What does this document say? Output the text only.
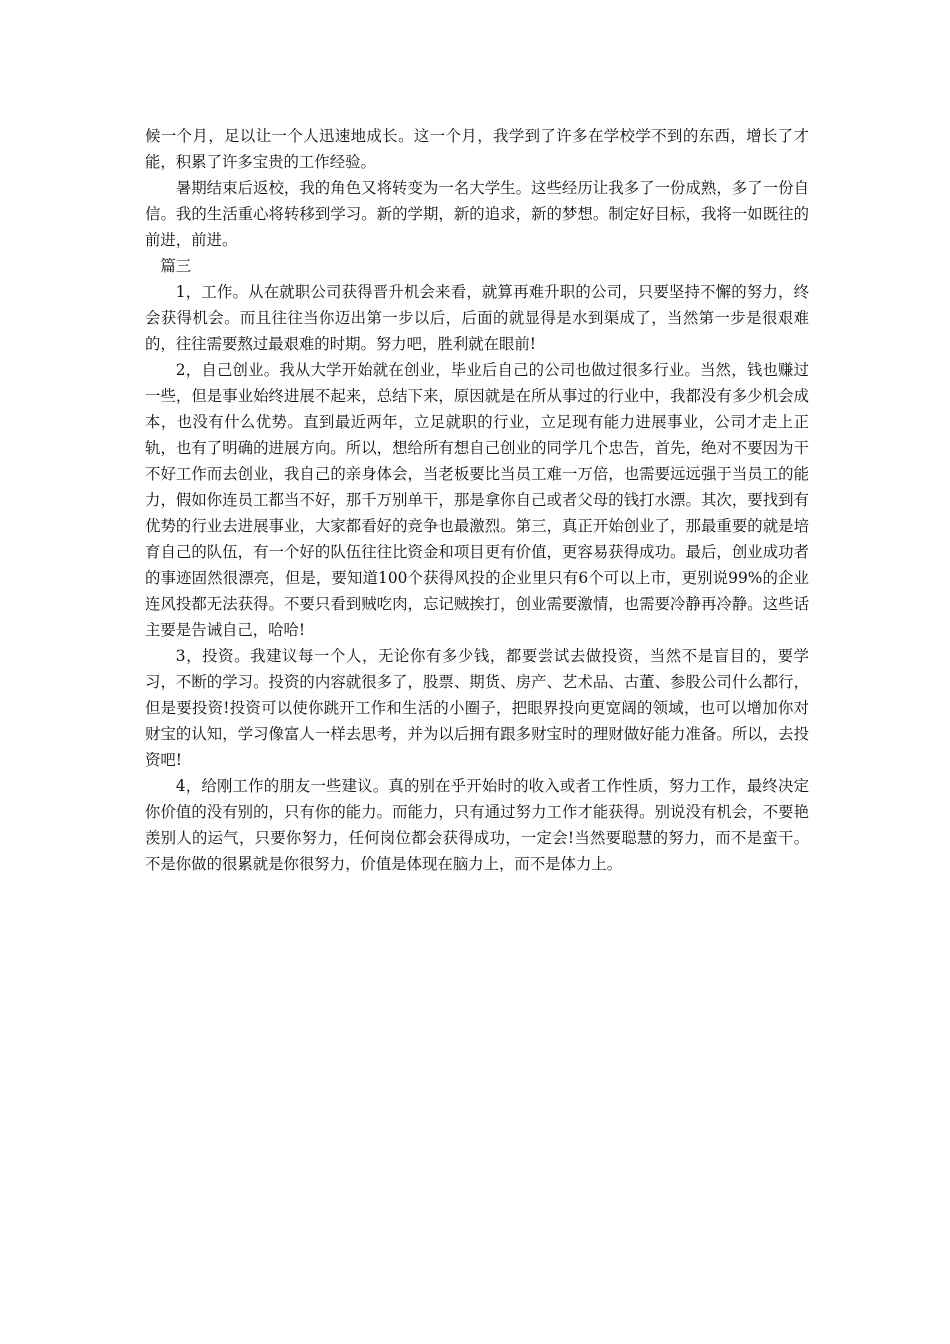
候一个月，足以让一个人迅速地成长。这一个月，我学到了许多在学校学不到的东西，增长了才能，积累了许多宝贵的工作经验。

暑期结束后返校，我的角色又将转变为一名大学生。这些经历让我多了一份成熟，多了一份自信。我的生活重心将转移到学习。新的学期，新的追求，新的梦想。制定好目标，我将一如既往的前进，前进。

篇三

1，工作。从在就职公司获得晋升机会来看，就算再难升职的公司，只要坚持不懈的努力，终会获得机会。而且往往当你迈出第一步以后，后面的就显得是水到渠成了，当然第一步是很艰难的，往往需要熬过最艰难的时期。努力吧，胜利就在眼前!

2，自己创业。我从大学开始就在创业，毕业后自己的公司也做过很多行业。当然，钱也赚过一些，但是事业始终进展不起来，总结下来，原因就是在所从事过的行业中，我都没有多少机会成本，也没有什么优势。直到最近两年，立足就职的行业，立足现有能力进展事业，公司才走上正轨，也有了明确的进展方向。所以，想给所有想自己创业的同学几个忠告，首先，绝对不要因为干不好工作而去创业，我自己的亲身体会，当老板要比当员工难一万倍，也需要远远强于当员工的能力，假如你连员工都当不好，那千万别单干，那是拿你自己或者父母的钱打水漂。其次，要找到有优势的行业去进展事业，大家都看好的竞争也最激烈。第三，真正开始创业了，那最重要的就是培育自己的队伍，有一个好的队伍往往比资金和项目更有价值，更容易获得成功。最后，创业成功者的事迹固然很漂亮，但是，要知道100个获得风投的企业里只有6个可以上市，更别说99%的企业连风投都无法获得。不要只看到贼吃肉，忘记贼挨打，创业需要激情，也需要冷静再冷静。这些话主要是告诫自己，哈哈!

3，投资。我建议每一个人，无论你有多少钱，都要尝试去做投资，当然不是盲目的，要学习，不断的学习。投资的内容就很多了，股票、期货、房产、艺术品、古董、参股公司什么都行，但是要投资!投资可以使你跳开工作和生活的小圈子，把眼界投向更宽阔的领域，也可以增加你对财宝的认知，学习像富人一样去思考，并为以后拥有跟多财宝时的理财做好能力准备。所以，去投资吧!

4，给刚工作的朋友一些建议。真的别在乎开始时的收入或者工作性质，努力工作，最终决定你价值的没有别的，只有你的能力。而能力，只有通过努力工作才能获得。别说没有机会，不要艳羡别人的运气，只要你努力，任何岗位都会获得成功，一定会!当然要聪慧的努力，而不是蛮干。不是你做的很累就是你很努力，价值是体现在脑力上，而不是体力上。
